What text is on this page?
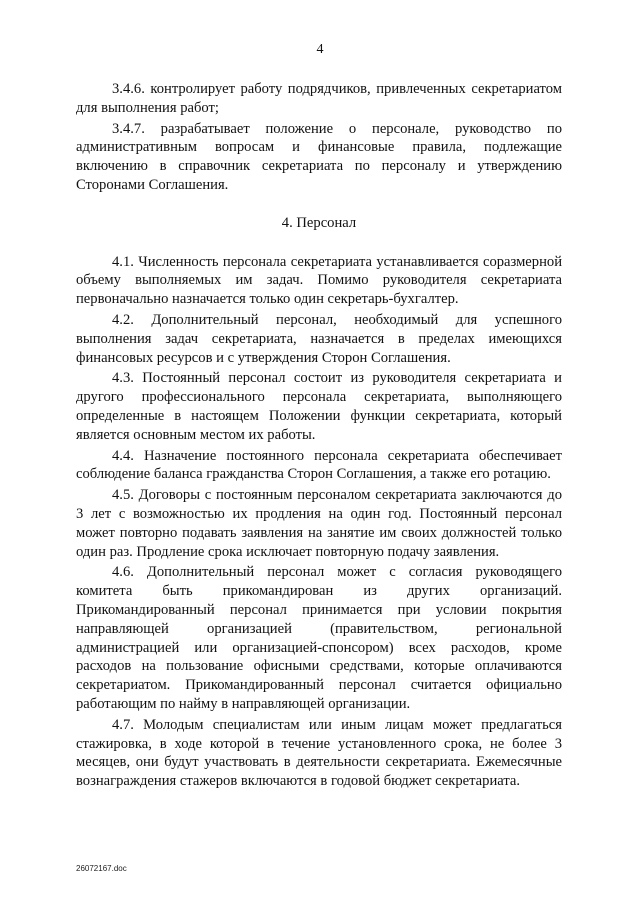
4

3.4.6. контролирует работу подрядчиков, привлеченных секретариатом для выполнения работ;

3.4.7. разрабатывает положение о персонале, руководство по административным вопросам и финансовые правила, подлежащие включению в справочник секретариата по персоналу и утверждению Сторонами Соглашения.

4. Персонал

4.1. Численность персонала секретариата устанавливается соразмерной объему выполняемых им задач. Помимо руководителя секретариата первоначально назначается только один секретарь-бухгалтер.

4.2. Дополнительный персонал, необходимый для успешного выполнения задач секретариата, назначается в пределах имеющихся финансовых ресурсов и с утверждения Сторон Соглашения.

4.3. Постоянный персонал состоит из руководителя секретариата и другого профессионального персонала секретариата, выполняющего определенные в настоящем Положении функции секретариата, который является основным местом их работы.

4.4. Назначение постоянного персонала секретариата обеспечивает соблюдение баланса гражданства Сторон Соглашения, а также его ротацию.

4.5. Договоры с постоянным персоналом секретариата заключаются до 3 лет с возможностью их продления на один год. Постоянный персонал может повторно подавать заявления на занятие им своих должностей только один раз. Продление срока исключает повторную подачу заявления.

4.6. Дополнительный персонал может с согласия руководящего комитета быть прикомандирован из других организаций. Прикомандированный персонал принимается при условии покрытия направляющей организацией (правительством, региональной администрацией или организацией-спонсором) всех расходов, кроме расходов на пользование офисными средствами, которые оплачиваются секретариатом. Прикомандированный персонал считается официально работающим по найму в направляющей организации.

4.7. Молодым специалистам или иным лицам может предлагаться стажировка, в ходе которой в течение установленного срока, не более 3 месяцев, они будут участвовать в деятельности секретариата. Ежемесячные вознаграждения стажеров включаются в годовой бюджет секретариата.

26072167.doc
